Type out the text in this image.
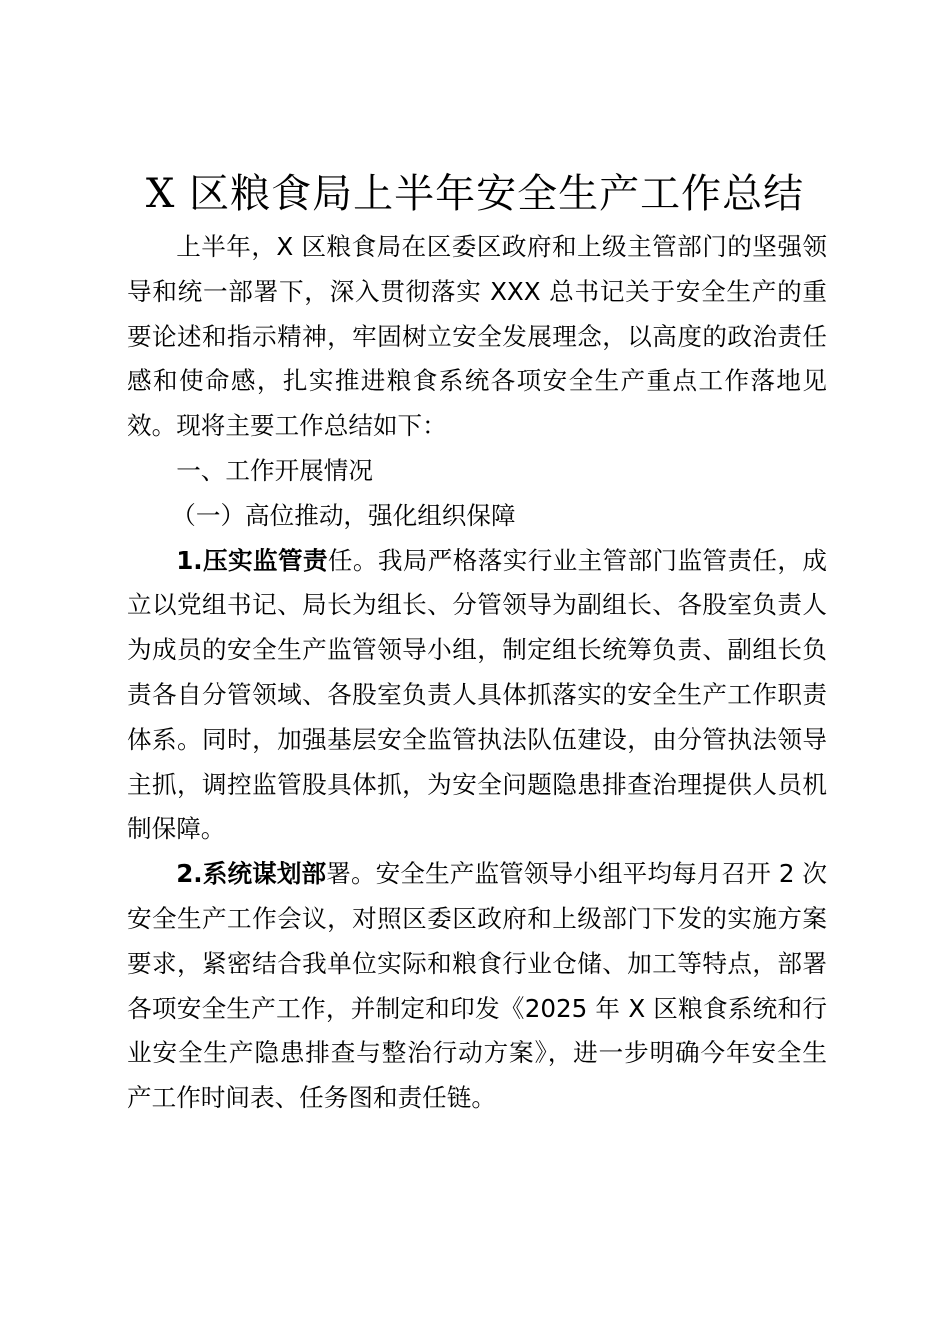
X 区粮食局上半年安全生产工作总结

上半年，X 区粮食局在区委区政府和上级主管部门的坚强领导和统一部署下，深入贯彻落实 XXX 总书记关于安全生产的重要论述和指示精神，牢固树立安全发展理念，以高度的政治责任感和使命感，扎实推进粮食系统各项安全生产重点工作落地见效。现将主要工作总结如下：

一、工作开展情况

（一）高位推动，强化组织保障

1.压实监管责任。我局严格落实行业主管部门监管责任，成立以党组书记、局长为组长、分管领导为副组长、各股室负责人为成员的安全生产监管领导小组，制定组长统筹负责、副组长负责各自分管领域、各股室负责人具体抓落实的安全生产工作职责体系。同时，加强基层安全监管执法队伍建设，由分管执法领导主抓，调控监管股具体抓，为安全问题隐患排查治理提供人员机制保障。

2.系统谋划部署。安全生产监管领导小组平均每月召开 2 次安全生产工作会议，对照区委区政府和上级部门下发的实施方案要求，紧密结合我单位实际和粮食行业仓储、加工等特点，部署各项安全生产工作，并制定和印发《2025 年 X 区粮食系统和行业安全生产隐患排查与整治行动方案》，进一步明确今年安全生产工作时间表、任务图和责任链。
